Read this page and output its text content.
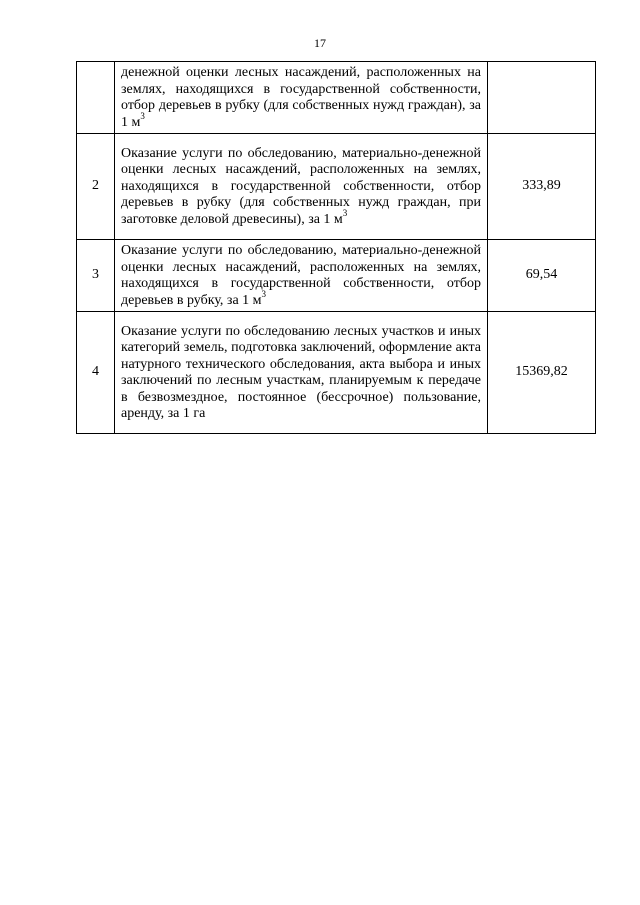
17
	денежной оценки лесных насаждений, расположенных на землях, находящихся в государственной собственности, отбор деревьев в рубку (для собственных нужд граждан), за 1 $м^3$	
2	Оказание услуги по обследованию, материально-денежной оценки лесных насаждений, расположенных на землях, находящихся в государственной собственности, отбор деревьев в рубку (для собственных нужд граждан, при заготовке деловой древесины), за 1 $м^3$	333,89
3	Оказание услуги по обследованию, материально-денежной оценки лесных насаждений, расположенных на землях, находящихся в государственной собственности, отбор деревьев в рубку, за 1 $м^3$	69,54
4	Оказание услуги по обследованию лесных участков и иных категорий земель, подготовка заключений, оформление акта натурного технического обследования, акта выбора и иных заключений по лесным участкам, планируемым к передаче в безвозмездное, постоянное (бессрочное) пользование, аренду, за 1 га	15369,82
